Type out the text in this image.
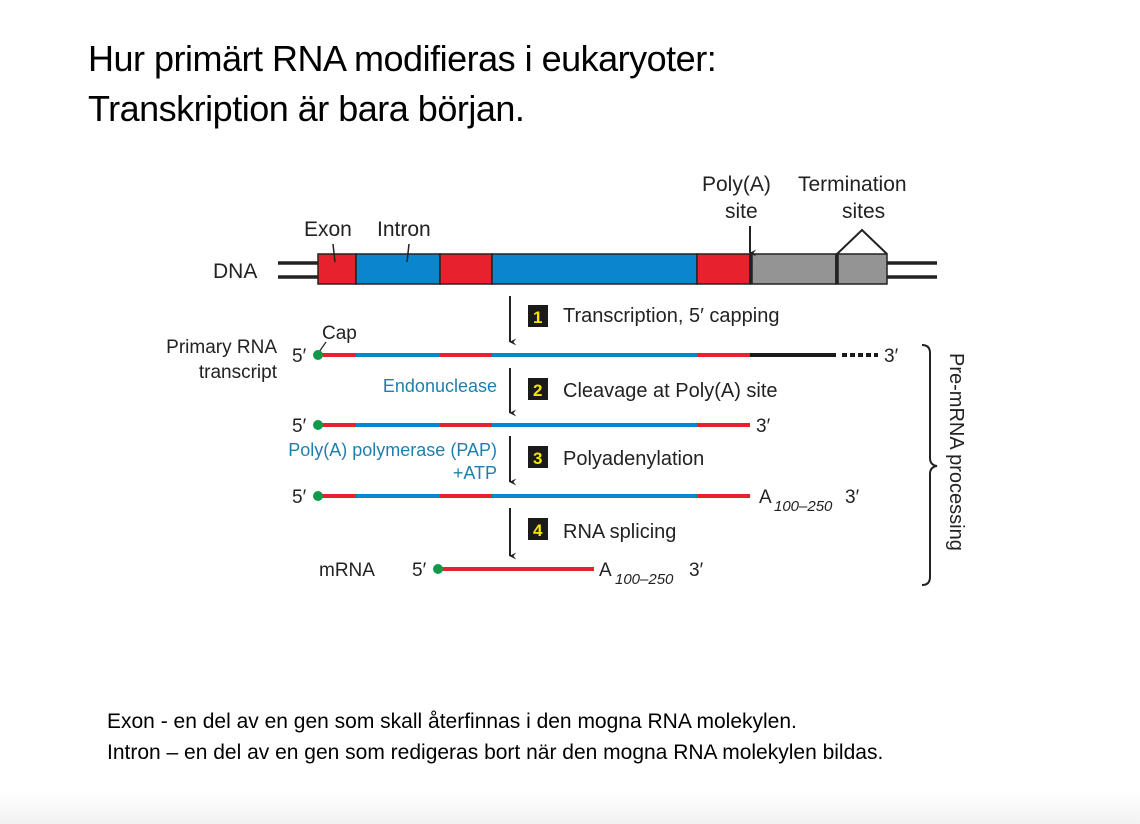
Hur primärt RNA modifieras i eukaryoter:
Transkription är bara början.
DNA
Exon Intron
Poly(A)
site
Termination
sites
1 Transcription, 5′ capping
Primary RNA
transcript
Cap
5′	3′
Endonuclease 2 Cleavage at Poly(A) site
5′	3′
Poly(A) polymerase (PAP)
+ATP
3 Polyadenylation
5′	A 100–250 3′
4 RNA splicing
mRNA 5′	A 100–250 3′
Pre-mRNA processing
Exon - en del av en gen som skall återfinnas i den mogna RNA molekylen.
Intron – en del av en gen som redigeras bort när den mogna RNA molekylen bildas.
